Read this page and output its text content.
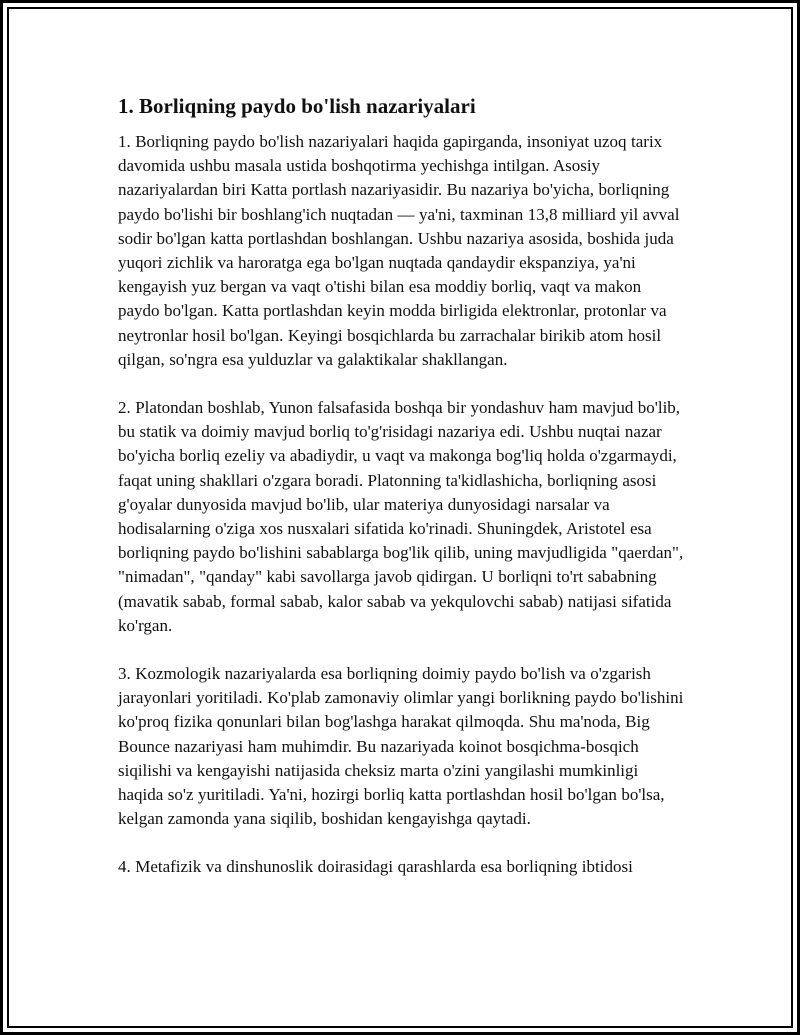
1. Borliqning paydo bo'lish nazariyalari

1. Borliqning paydo bo'lish nazariyalari haqida gapirganda, insoniyat uzoq tarix davomida ushbu masala ustida boshqotirma yechishga intilgan. Asosiy nazariyalardan biri Katta portlash nazariyasidir. Bu nazariya bo'yicha, borliqning paydo bo'lishi bir boshlang'ich nuqtadan — ya'ni, taxminan 13,8 milliard yil avval sodir bo'lgan katta portlashdan boshlangan. Ushbu nazariya asosida, boshida juda yuqori zichlik va haroratga ega bo'lgan nuqtada qandaydir ekspanziya, ya'ni kengayish yuz bergan va vaqt o'tishi bilan esa moddiy borliq, vaqt va makon paydo bo'lgan. Katta portlashdan keyin modda birligida elektronlar, protonlar va neytronlar hosil bo'lgan. Keyingi bosqichlarda bu zarrachalar birikib atom hosil qilgan, so'ngra esa yulduzlar va galaktikalar shakllangan.

2. Platondan boshlab, Yunon falsafasida boshqa bir yondashuv ham mavjud bo'lib, bu statik va doimiy mavjud borliq to'g'risidagi nazariya edi. Ushbu nuqtai nazar bo'yicha borliq ezeliy va abadiydir, u vaqt va makonga bog'liq holda o'zgarmaydi, faqat uning shakllari o'zgara boradi. Platonning ta'kidlashicha, borliqning asosi g'oyalar dunyosida mavjud bo'lib, ular materiya dunyosidagi narsalar va hodisalarning o'ziga xos nusxalari sifatida ko'rinadi. Shuningdek, Aristotel esa borliqning paydo bo'lishini sabablarga bog'lik qilib, uning mavjudligida "qaerdan", "nimadan", "qanday" kabi savollarga javob qidirgan. U borliqni to'rt sababning (mavatik sabab, formal sabab, kalor sabab va yekqulovchi sabab) natijasi sifatida ko'rgan.

3. Kozmologik nazariyalarda esa borliqning doimiy paydo bo'lish va o'zgarish jarayonlari yoritiladi. Ko'plab zamonaviy olimlar yangi borlikning paydo bo'lishini ko'proq fizika qonunlari bilan bog'lashga harakat qilmoqda. Shu ma'noda, Big Bounce nazariyasi ham muhimdir. Bu nazariyada koinot bosqichma-bosqich siqilishi va kengayishi natijasida cheksiz marta o'zini yangilashi mumkinligi haqida so'z yuritiladi. Ya'ni, hozirgi borliq katta portlashdan hosil bo'lgan bo'lsa, kelgan zamonda yana siqilib, boshidan kengayishga qaytadi.

4. Metafizik va dinshunoslik doirasidagi qarashlarda esa borliqning ibtidosi
